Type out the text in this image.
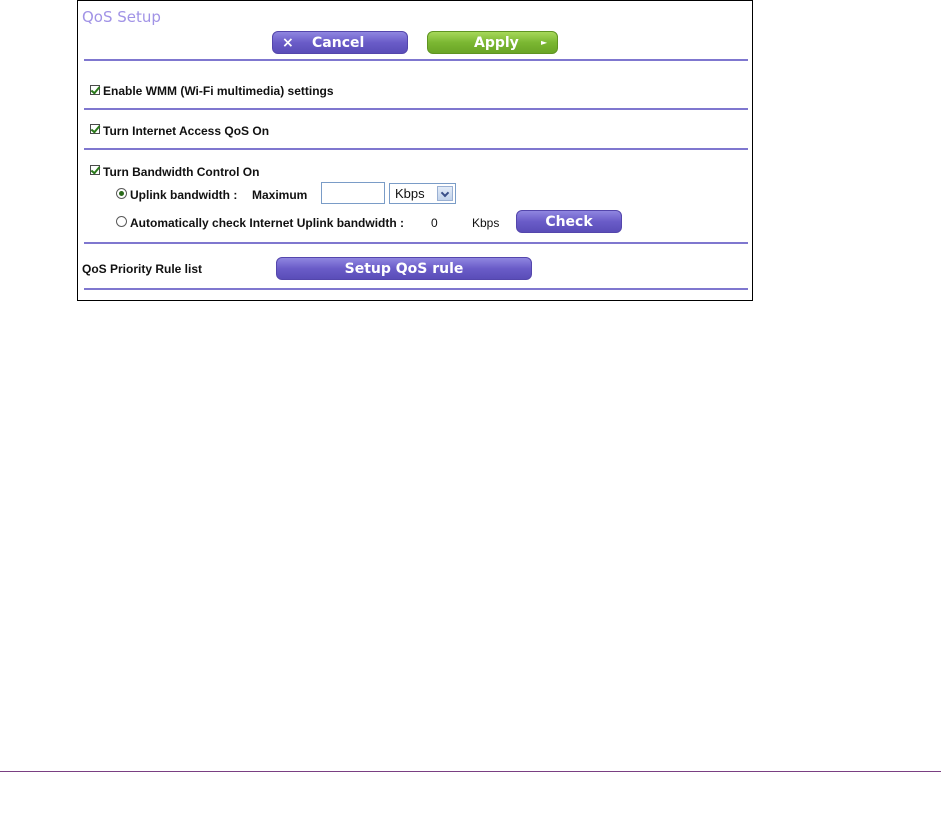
QoS Setup
× Cancel	Apply	►
Enable WMM (Wi-Fi multimedia) settings
Turn Internet Access QoS On
Turn Bandwidth Control On
Uplink bandwidth : Maximum	Kbps
Automatically check Internet Uplink bandwidth : 0	Kbps	Check
QoS Priority Rule list	Setup QoS rule
